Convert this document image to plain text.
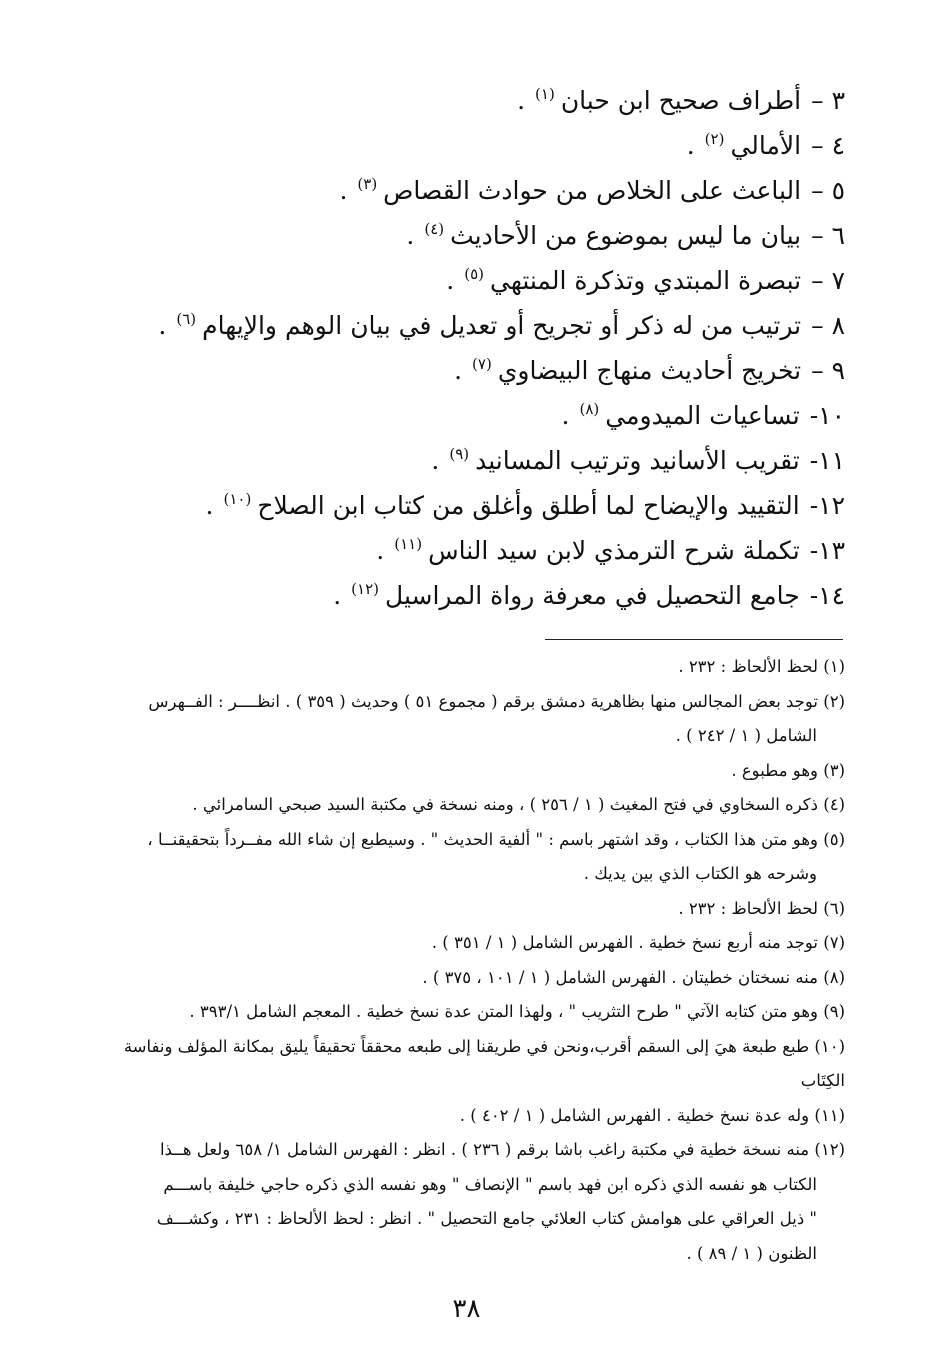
٣ –أطراف صحيح ابن حبان$^{(١)}$.
٤ –الأمالي$^{(٢)}$.
٥ –الباعث على الخلاص من حوادث القصاص$^{(٣)}$.
٦ –بيان ما ليس بموضوع من الأحاديث$^{(٤)}$.
٧ –تبصرة المبتدي وتذكرة المنتهي$^{(٥)}$.
٨ –ترتيب من له ذكر أو تجريح أو تعديل في بيان الوهم والإيهام$^{(٦)}$.
٩ –تخريج أحاديث منهاج البيضاوي$^{(٧)}$.
١٠-تساعيات الميدومي$^{(٨)}$.
١١-تقريب الأسانيد وترتيب المسانيد$^{(٩)}$.
١٢-التقييد والإيضاح لما أطلق وأغلق من كتاب ابن الصلاح$^{(١٠)}$.
١٣-تكملة شرح الترمذي لابن سيد الناس$^{(١١)}$.
١٤-جامع التحصيل في معرفة رواة المراسيل$^{(١٢)}$.
(١) لحظ الألحاظ : ٢٣٢ .
(٢) توجد بعض المجالس منها بظاهرية دمشق برقم ( مجموع ٥١ ) وحديث ( ٣٥٩ ) . انظــــر : الفــهرس
الشامل ( ١ / ٢٤٢ ) .
(٣) وهو مطبوع .
(٤) ذكره السخاوي في فتح المغيث ( ١ / ٢٥٦ ) ، ومنه نسخة في مكتبة السيد صبحي السامرائي .
(٥) وهو متن هذا الكتاب ، وقد اشتهر باسم : " ألفية الحديث " . وسيطبع إن شاء الله مفــرداً بتحقيقنــا ،
وشرحه هو الكتاب الذي بين يديك .
(٦) لحظ الألحاظ : ٢٣٢ .
(٧) توجد منه أربع نسخ خطية . الفهرس الشامل ( ١ / ٣٥١ ) .
(٨) منه نسختان خطيتان . الفهرس الشامل ( ١ / ١٠١ ، ٣٧٥ ) .
(٩) وهو متن كتابه الآتي " طرح التثريب " ، ولهذا المتن عدة نسخ خطية . المعجم الشامل ٣٩٣/١ .
(١٠) طبع طبعة هيَ إلى السقم أقرب،ونحن في طريقنا إلى طبعه محققاً تحقيقاً يليق بمكانة المؤلف ونفاسة الكِتَاب
(١١) وله عدة نسخ خطية . الفهرس الشامل ( ١ / ٤٠٢ ) .
(١٢) منه نسخة خطية في مكتبة راغب باشا برقم ( ٢٣٦ ) . انظر : الفهرس الشامل ١/ ٦٥٨ ولعل هــذا
الكتاب هو نفسه الذي ذكره ابن فهد باسم " الإنصاف " وهو نفسه الذي ذكره حاجي خليفة باســـم
" ذيل العراقي على هوامش كتاب العلائي جامع التحصيل " . انظر : لحظ الألحاظ : ٢٣١ ، وكشـــف
الظنون ( ١ / ٨٩ ) .
٣٨
